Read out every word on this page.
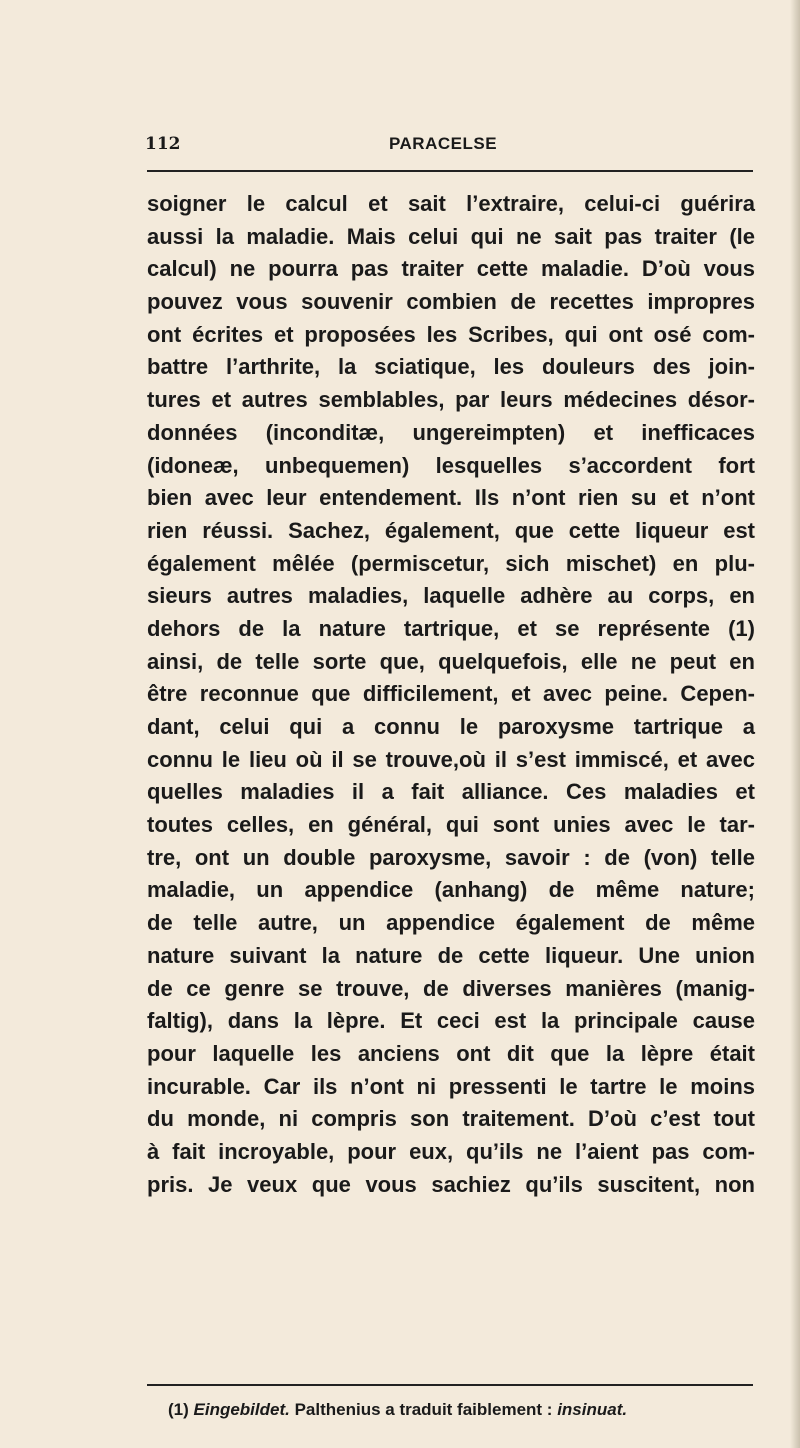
112	PARACELSE
soigner le calcul et sait l’extraire, celui-ci guérira
aussi la maladie. Mais celui qui ne sait pas traiter (le
calcul) ne pourra pas traiter cette maladie. D’où vous
pouvez vous souvenir combien de recettes impropres
ont écrites et proposées les Scribes, qui ont osé com-
battre l’arthrite, la sciatique, les douleurs des join-
tures et autres semblables, par leurs médecines désor-
données (inconditæ, ungereimpten) et inefficaces
(idoneæ, unbequemen) lesquelles s’accordent fort
bien avec leur entendement. Ils n’ont rien su et n’ont
rien réussi. Sachez, également, que cette liqueur est
également mêlée (permiscetur, sich mischet) en plu-
sieurs autres maladies, laquelle adhère au corps, en
dehors de la nature tartrique, et se représente (1)
ainsi, de telle sorte que, quelquefois, elle ne peut en
être reconnue que difficilement, et avec peine. Cepen-
dant, celui qui a connu le paroxysme tartrique a
connu le lieu où il se trouve,où il s’est immiscé, et avec
quelles maladies il a fait alliance. Ces maladies et
toutes celles, en général, qui sont unies avec le tar-
tre, ont un double paroxysme, savoir : de (von) telle
maladie, un appendice (anhang) de même nature;
de telle autre, un appendice également de même
nature suivant la nature de cette liqueur. Une union
de ce genre se trouve, de diverses manières (manig-
faltig), dans la lèpre. Et ceci est la principale cause
pour laquelle les anciens ont dit que la lèpre était
incurable. Car ils n’ont ni pressenti le tartre le moins
du monde, ni compris son traitement. D’où c’est tout
à fait incroyable, pour eux, qu’ils ne l’aient pas com-
pris. Je veux que vous sachiez qu’ils suscitent, non
(1) Eingebildet. Palthenius a traduit faiblement : insinuat.
